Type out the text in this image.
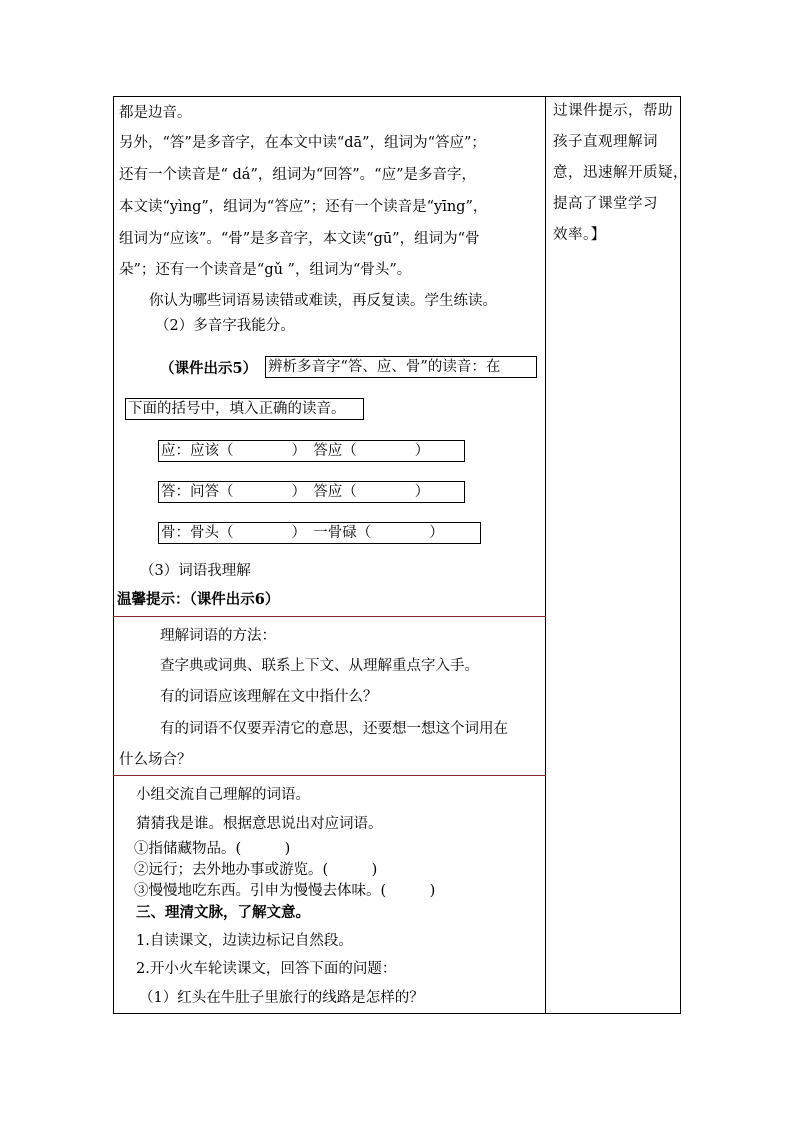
都是边音。
另外，“答”是多音字，在本文中读“dā”，组词为“答应”；
还有一个读音是“ dá”，组词为“回答”。“应”是多音字，
本文读“yìng”，组词为“答应”；还有一个读音是“yīng”，
组词为“应该”。“骨”是多音字，本文读“gū”，组词为“骨
朵”；还有一个读音是“gǔ ”，组词为“骨头”。
你认为哪些词语易读错或难读，再反复读。学生练读。
（2）多音字我能分。
（课件出示5） 辨析多音字“答、应、骨”的读音：在
下面的括号中，填入正确的读音。
应：应该（　　　　）　答应（　　　　）
答：问答（　　　　）　答应（　　　　）
骨：骨头（　　　　）　一骨碌（　　　　）
（3）词语我理解
温馨提示：（课件出示6）
理解词语的方法：
查字典或词典、联系上下文、从理解重点字入手。
有的词语应该理解在文中指什么？
有的词语不仅要弄清它的意思，还要想一想这个词用在
什么场合？
小组交流自己理解的词语。
猜猜我是谁。根据意思说出对应词语。
①指储藏物品。(　　　)
②远行；去外地办事或游览。(　　　)
③慢慢地吃东西。引申为慢慢去体味。(　　　)
三、理清文脉，了解文意。
1.自读课文，边读边标记自然段。
2.开小火车轮读课文，回答下面的问题：
（1）红头在牛肚子里旅行的线路是怎样的？
过课件提示，帮助
孩子直观理解词
意，迅速解开质疑，
提高了课堂学习
效率。】
